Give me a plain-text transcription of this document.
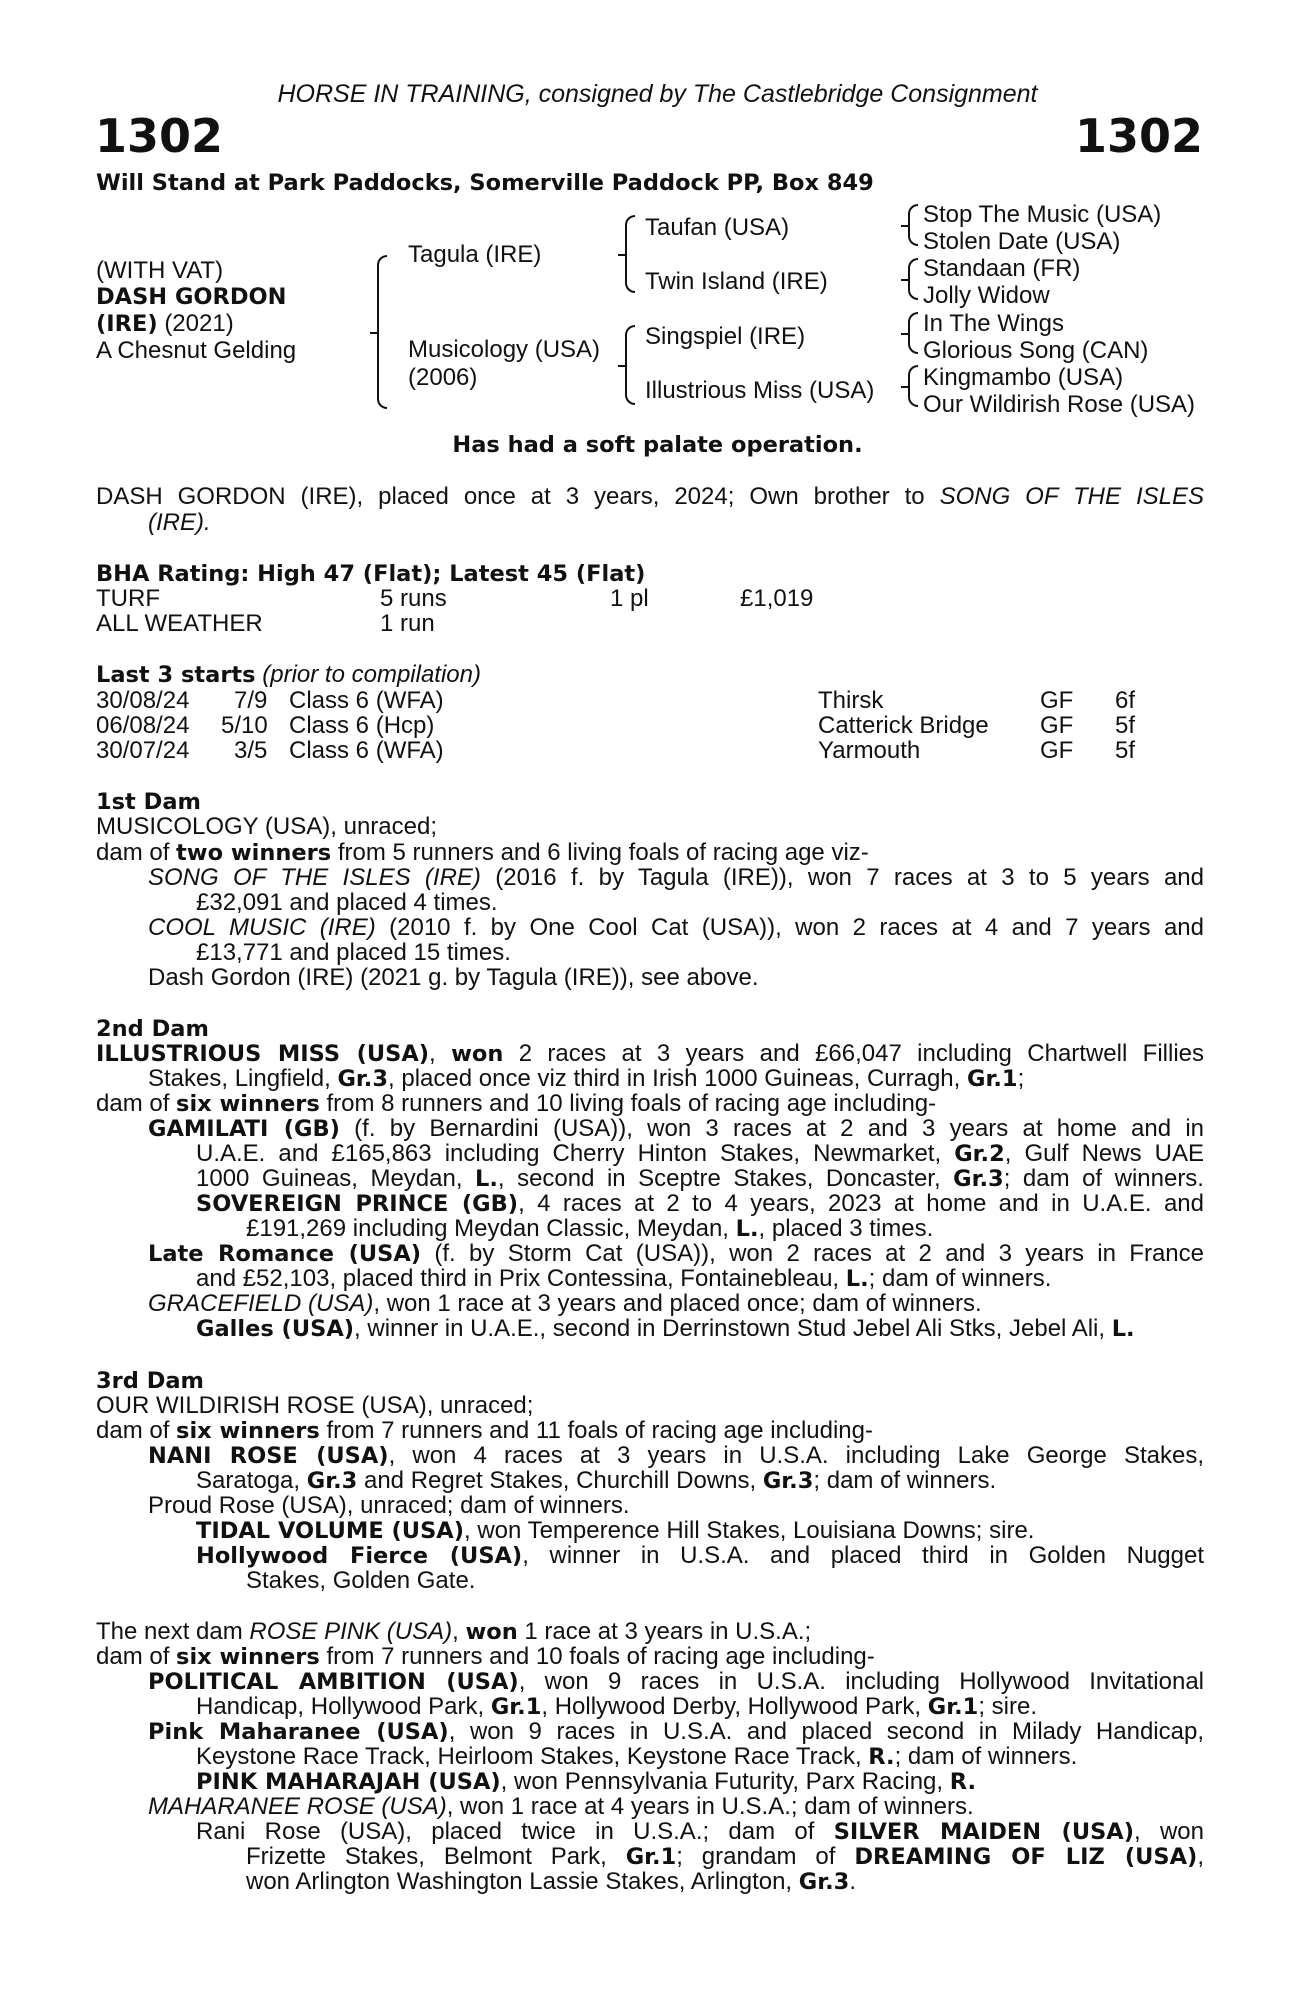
HORSE IN TRAINING, consigned by The Castlebridge Consignment
1302	1302
Will Stand at Park Paddocks, Somerville Paddock PP, Box 849
(WITH VAT)
DASH GORDON
(IRE) (2021)
A Chesnut Gelding
Tagula (IRE)
Musicology (USA)
(2006)
Taufan (USA)
Twin Island (IRE)
Singspiel (IRE)
Illustrious Miss (USA)
Stop The Music (USA)
Stolen Date (USA)
Standaan (FR)
Jolly Widow
In The Wings
Glorious Song (CAN)
Kingmambo (USA)
Our Wildirish Rose (USA)
Has had a soft palate operation.
DASH GORDON (IRE), placed once at 3 years, 2024; Own brother to SONG OF THE ISLES
(IRE).
BHA Rating: High 47 (Flat); Latest 45 (Flat)
TURF	5 runs	1 pl	£1,019
ALL WEATHER	1 run
Last 3 starts (prior to compilation)
30/08/24 7/9 Class 6 (WFA)	Thirsk	GF 6f
06/08/24 5/10 Class 6 (Hcp)	Catterick Bridge GF 5f
30/07/24 3/5 Class 6 (WFA)	Yarmouth	GF 5f
1st Dam
MUSICOLOGY (USA), unraced;
dam of two winners from 5 runners and 6 living foals of racing age viz-
SONG OF THE ISLES (IRE) (2016 f. by Tagula (IRE)), won 7 races at 3 to 5 years and
£32,091 and placed 4 times.
COOL MUSIC (IRE) (2010 f. by One Cool Cat (USA)), won 2 races at 4 and 7 years and
£13,771 and placed 15 times.
Dash Gordon (IRE) (2021 g. by Tagula (IRE)), see above.
2nd Dam
ILLUSTRIOUS MISS (USA), won 2 races at 3 years and £66,047 including Chartwell Fillies
Stakes, Lingfield, Gr.3, placed once viz third in Irish 1000 Guineas, Curragh, Gr.1;
dam of six winners from 8 runners and 10 living foals of racing age including-
GAMILATI (GB) (f. by Bernardini (USA)), won 3 races at 2 and 3 years at home and in
U.A.E. and £165,863 including Cherry Hinton Stakes, Newmarket, Gr.2, Gulf News UAE
1000 Guineas, Meydan, L., second in Sceptre Stakes, Doncaster, Gr.3; dam of winners.
SOVEREIGN PRINCE (GB), 4 races at 2 to 4 years, 2023 at home and in U.A.E. and
£191,269 including Meydan Classic, Meydan, L., placed 3 times.
Late Romance (USA) (f. by Storm Cat (USA)), won 2 races at 2 and 3 years in France
and £52,103, placed third in Prix Contessina, Fontainebleau, L.; dam of winners.
GRACEFIELD (USA), won 1 race at 3 years and placed once; dam of winners.
Galles (USA), winner in U.A.E., second in Derrinstown Stud Jebel Ali Stks, Jebel Ali, L.
3rd Dam
OUR WILDIRISH ROSE (USA), unraced;
dam of six winners from 7 runners and 11 foals of racing age including-
NANI ROSE (USA), won 4 races at 3 years in U.S.A. including Lake George Stakes,
Saratoga, Gr.3 and Regret Stakes, Churchill Downs, Gr.3; dam of winners.
Proud Rose (USA), unraced; dam of winners.
TIDAL VOLUME (USA), won Temperence Hill Stakes, Louisiana Downs; sire.
Hollywood Fierce (USA), winner in U.S.A. and placed third in Golden Nugget
Stakes, Golden Gate.
The next dam ROSE PINK (USA), won 1 race at 3 years in U.S.A.;
dam of six winners from 7 runners and 10 foals of racing age including-
POLITICAL AMBITION (USA), won 9 races in U.S.A. including Hollywood Invitational
Handicap, Hollywood Park, Gr.1, Hollywood Derby, Hollywood Park, Gr.1; sire.
Pink Maharanee (USA), won 9 races in U.S.A. and placed second in Milady Handicap,
Keystone Race Track, Heirloom Stakes, Keystone Race Track, R.; dam of winners.
PINK MAHARAJAH (USA), won Pennsylvania Futurity, Parx Racing, R.
MAHARANEE ROSE (USA), won 1 race at 4 years in U.S.A.; dam of winners.
Rani Rose (USA), placed twice in U.S.A.; dam of SILVER MAIDEN (USA), won
Frizette Stakes, Belmont Park, Gr.1; grandam of DREAMING OF LIZ (USA),
won Arlington Washington Lassie Stakes, Arlington, Gr.3.
